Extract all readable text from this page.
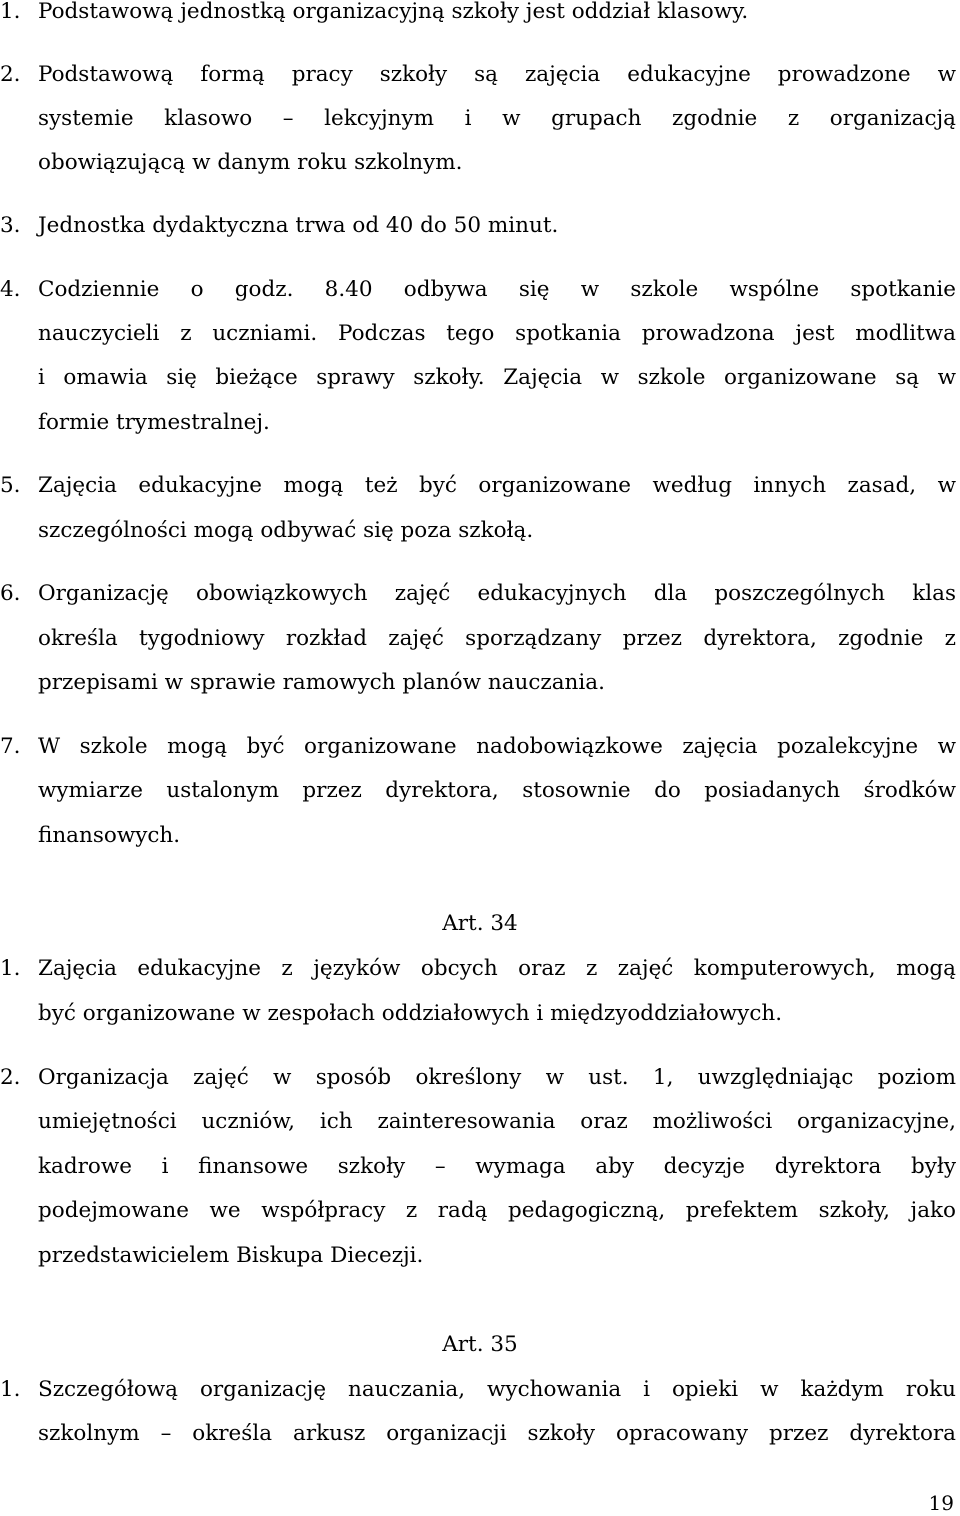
1. Podstawową jednostką organizacyjną szkoły jest oddział klasowy.
2. Podstawową formą pracy szkoły są zajęcia edukacyjne prowadzone w
systemie klasowo – lekcyjnym i w grupach zgodnie z organizacją
obowiązującą w danym roku szkolnym.
3. Jednostka dydaktyczna trwa od 40 do 50 minut.
4. Codziennie o godz. 8.40 odbywa się w szkole wspólne spotkanie
nauczycieli z uczniami. Podczas tego spotkania prowadzona jest modlitwa
i omawia się bieżące sprawy szkoły. Zajęcia w szkole organizowane są w
formie trymestralnej.
5. Zajęcia edukacyjne mogą też być organizowane według innych zasad, w
szczególności mogą odbywać się poza szkołą.
6. Organizację obowiązkowych zajęć edukacyjnych dla poszczególnych klas
określa tygodniowy rozkład zajęć sporządzany przez dyrektora, zgodnie z
przepisami w sprawie ramowych planów nauczania.
7. W szkole mogą być organizowane nadobowiązkowe zajęcia pozalekcyjne w
wymiarze ustalonym przez dyrektora, stosownie do posiadanych środków
finansowych.
Art. 34
1. Zajęcia edukacyjne z języków obcych oraz z zajęć komputerowych, mogą
być organizowane w zespołach oddziałowych i międzyoddziałowych.
2. Organizacja zajęć w sposób określony w ust. 1, uwzględniając poziom
umiejętności uczniów, ich zainteresowania oraz możliwości organizacyjne,
kadrowe i finansowe szkoły – wymaga aby decyzje dyrektora były
podejmowane we współpracy z radą pedagogiczną, prefektem szkoły, jako
przedstawicielem Biskupa Diecezji.
Art. 35
1. Szczegółową organizację nauczania, wychowania i opieki w każdym roku
szkolnym – określa arkusz organizacji szkoły opracowany przez dyrektora
19
